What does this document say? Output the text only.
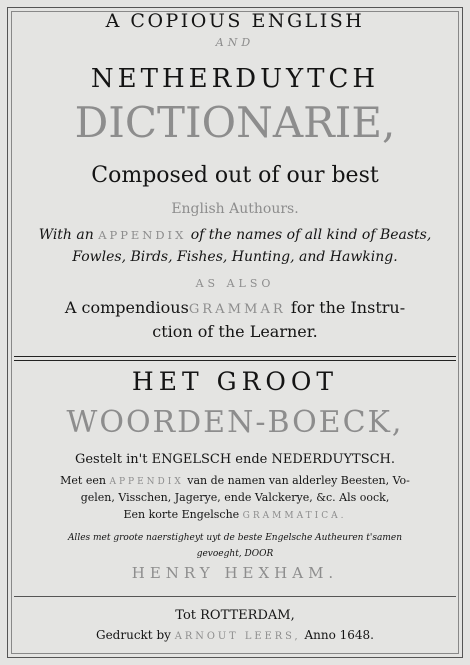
A COPIOUS ENGLISH
AND
NETHERDUYTCH
DICTIONARIE,
Composed out of our best
English Authours.
With an APPENDIX of the names of all kind of Beasts,
Fowles, Birds, Fishes, Hunting, and Hawking.
AS ALSO
A compendiousGRAMMAR for the Instru-
ction of the Learner.
HET GROOT
WOORDEN-BOECK,
Gestelt in't ENGELSCH ende NEDERDUYTSCH.
Met een APPENDIX van de namen van alderley Beesten, Vo-
gelen, Visschen, Jagerye, ende Valckerye, &c. Als oock,
Een korte Engelsche GRAMMATICA.
Alles met groote naerstigheyt uyt de beste Engelsche Autheuren t'samen
gevoeght, DOOR
HENRY HEXHAM.
Tot ROTTERDAM,
Gedruckt by ARNOUT LEERS, Anno 1648.
